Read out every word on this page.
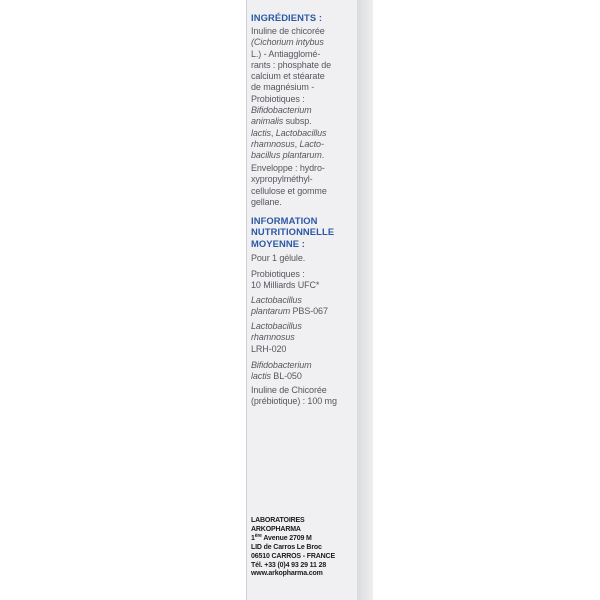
INGRÉDIENTS :
Inuline de chicorée
(Cichorium intybus
L.) - Antiagglomé-
rants : phosphate de
calcium et stéarate
de magnésium -
Probiotiques :
Bifidobacterium
animalis subsp.
lactis, Lactobacillus
rhamnosus, Lacto-
bacillus plantarum.
Enveloppe : hydro-
xypropylméthyl-
cellulose et gomme
gellane.
INFORMATION
NUTRITIONNELLE
MOYENNE :
Pour 1 gélule.
Probiotiques :
10 Milliards UFC*
Lactobacillus
plantarum PBS-067
Lactobacillus
rhamnosus
LRH-020
Bifidobacterium
lactis BL-050
Inuline de Chicorée
(prébiotique) : 100 mg
LABORATOIRES
ARKOPHARMA
1ère Avenue 2709 M
LID de Carros Le Broc
06510 CARROS - FRANCE
Tél. +33 (0)4 93 29 11 28
www.arkopharma.com
